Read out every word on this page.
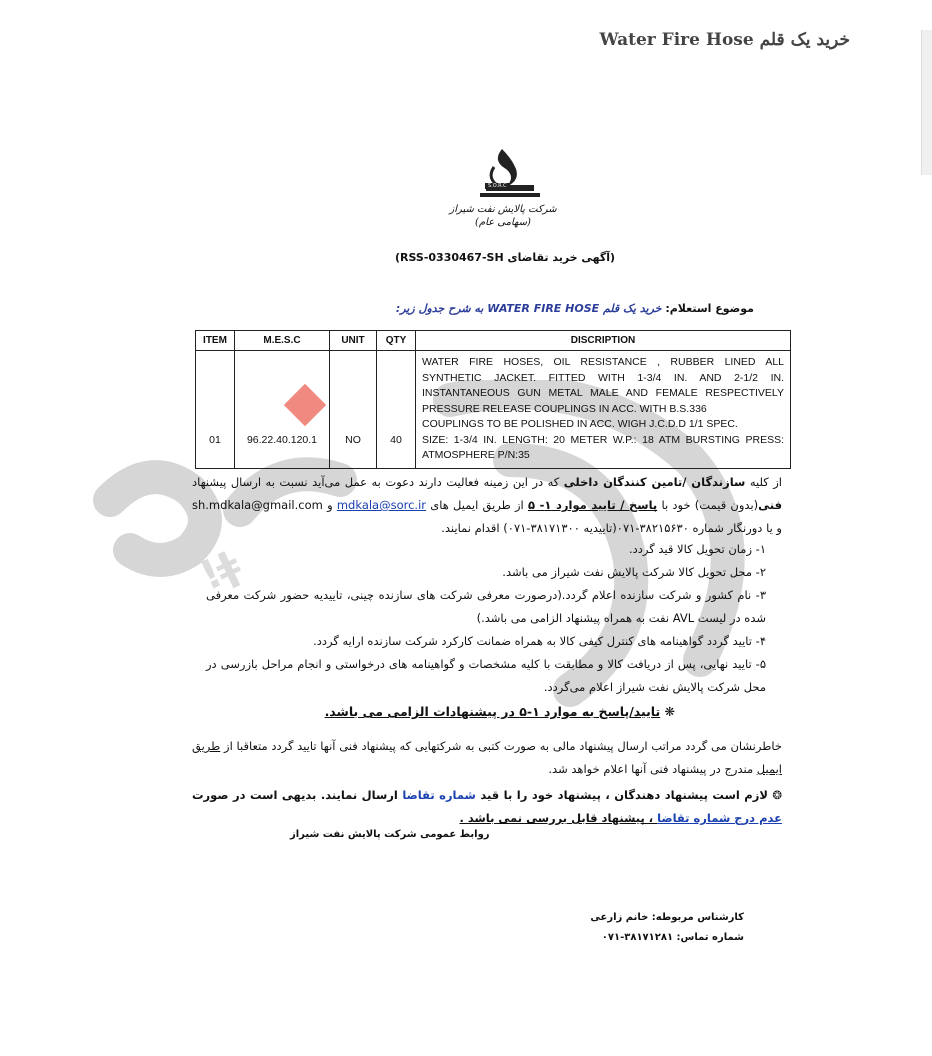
خرید یک قلم Water Fire Hose
ǃǂ
S.O.R.C
شرکت پالایش نفت شیراز
(سهامی عام)
(آگهی خرید تقاضای RSS-0330467-SH)
موضوع استعلام: خرید یک قلم WATER FIRE HOSE به شرح جدول زیر:
ITEM	M.E.S.C	UNIT	QTY	DISCRIPTION
01	96.22.40.120.1	NO	40	WATER FIRE HOSES, OIL RESISTANCE , RUBBER LINED ALL SYNTHETIC JACKET. FITTED WITH 1-3/4 IN. AND 2-1/2 IN. INSTANTANEOUS GUN METAL MALE AND FEMALE RESPECTIVELY PRESSURE RELEASE COUPLINGS IN ACC. WITH B.S.336
COUPLINGS TO BE POLISHED IN ACC. WIGH J.C.D.D 1/1 SPEC.
SIZE: 1-3/4 IN. LENGTH: 20 METER W.P.: 18 ATM BURSTING PRESS: ATMOSPHERE P/N:35
از کلیه سازندگان /تامین کنندگان داخلی که در این زمینه فعالیت دارند دعوت به عمل می‌آید نسبت به ارسال پیشنهاد فنی(بدون قیمت) خود با پاسخ / تایید موارد ۱- ۵ از طریق ایمیل های mdkala@sorc.ir و sh.mdkala@gmail.com و یا دورنگار شماره ۳۸۲۱۵۶۳۰-۰۷۱(تاییدیه ۳۸۱۷۱۳۰۰-۰۷۱) اقدام نمایند.
۱- زمان تحویل کالا قید گردد.
۲- محل تحویل کالا شرکت پالایش نفت شیراز می باشد.
۳- نام کشور و شرکت سازنده اعلام گردد.(درصورت معرفی شرکت های سازنده چینی، تاییدیه حضور شرکت معرفی شده در لیست AVL نفت به همراه پیشنهاد الزامی می باشد.)
۴- تایید گردد گواهینامه های کنترل کیفی کالا به همراه ضمانت کارکرد شرکت سازنده ارایه گردد.
۵- تایید نهایی، پس از دریافت کالا و مطابقت با کلیه مشخصات و گواهینامه های درخواستی و انجام مراحل بازرسی در محل شرکت پالایش نفت شیراز اعلام می‌گردد.
❋ تایید/پاسخ به موارد ۱-۵ در پیشنهادات الزامی می باشد.
خاطرنشان می گردد مراتب ارسال پیشنهاد مالی به صورت کتبی به شرکتهایی که پیشنهاد فنی آنها تایید گردد متعاقبا از طریق ایمیل مندرج در پیشنهاد فنی آنها اعلام خواهد شد.
❂ لازم است پیشنهاد دهندگان ، پیشنهاد خود را با قید شماره تقاضا ارسال نمایند. بدیهی است در صورت عدم درج شماره تقاضا ، پیشنهاد قابل بررسی نمی باشد .
روابط عمومی شرکت پالایش نفت شیراز
کارشناس مربوطه: خانم زارعی
شماره تماس: ۳۸۱۷۱۲۸۱-۰۷۱
